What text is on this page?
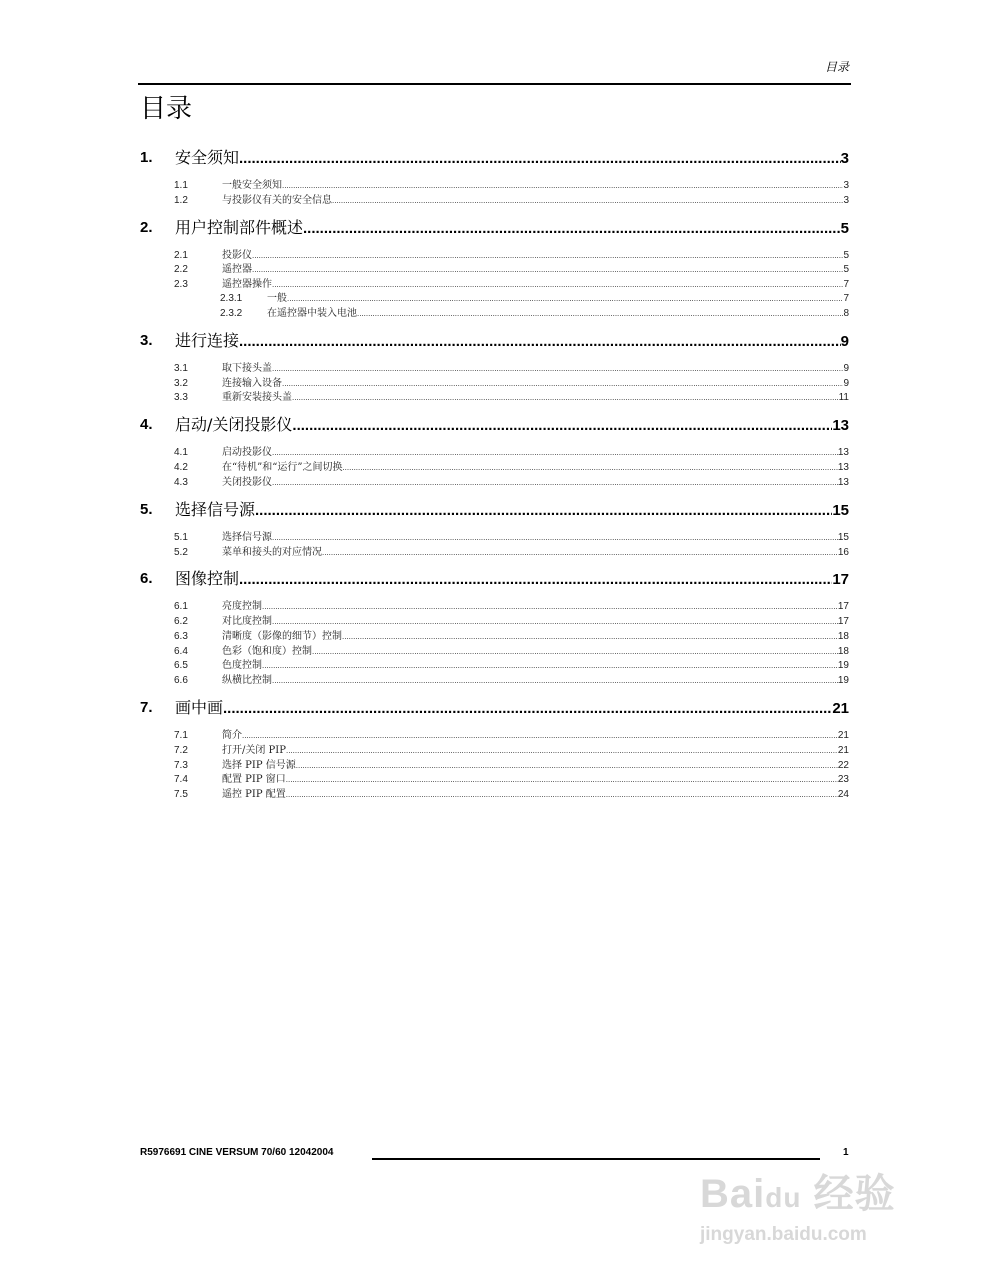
目录
目录
1. 安全须知 .....	3
1.1	一般安全须知 .....	3
1.2	与投影仪有关的安全信息 .....	3
2. 用户控制部件概述 .....	5
2.1	投影仪 .....	5
2.2	遥控器 .....	5
2.3	遥控器操作 .....	7
2.3.1 一般 .....	7
2.3.2 在遥控器中装入电池 .....	8
3. 进行连接 .....	9
3.1	取下接头盖 .....	9
3.2	连接输入设备 .....	9
3.3	重新安装接头盖 .....	11
4. 启动/关闭投影仪 .....	13
4.1	启动投影仪 .....	13
4.2	在“待机”和“运行”之间切换 .....	13
4.3	关闭投影仪 .....	13
5. 选择信号源 .....	15
5.1	选择信号源 .....	15
5.2	菜单和接头的对应情况 .....	16
6. 图像控制 .....	17
6.1	亮度控制 .....	17
6.2	对比度控制 .....	17
6.3	清晰度（影像的细节）控制 .....	18
6.4	色彩（饱和度）控制 .....	18
6.5	色度控制 .....	19
6.6	纵横比控制 .....	19
7. 画中画 .....	21
7.1	简介 .....	21
7.2	打开/关闭 PIP .....	21
7.3	选择 PIP 信号源 .....	22
7.4	配置 PIP 窗口 .....	23
7.5	遥控 PIP 配置 .....	24
R5976691 CINE VERSUM 70/60 12042004	1
Baidu 经验
jingyan.baidu.com
